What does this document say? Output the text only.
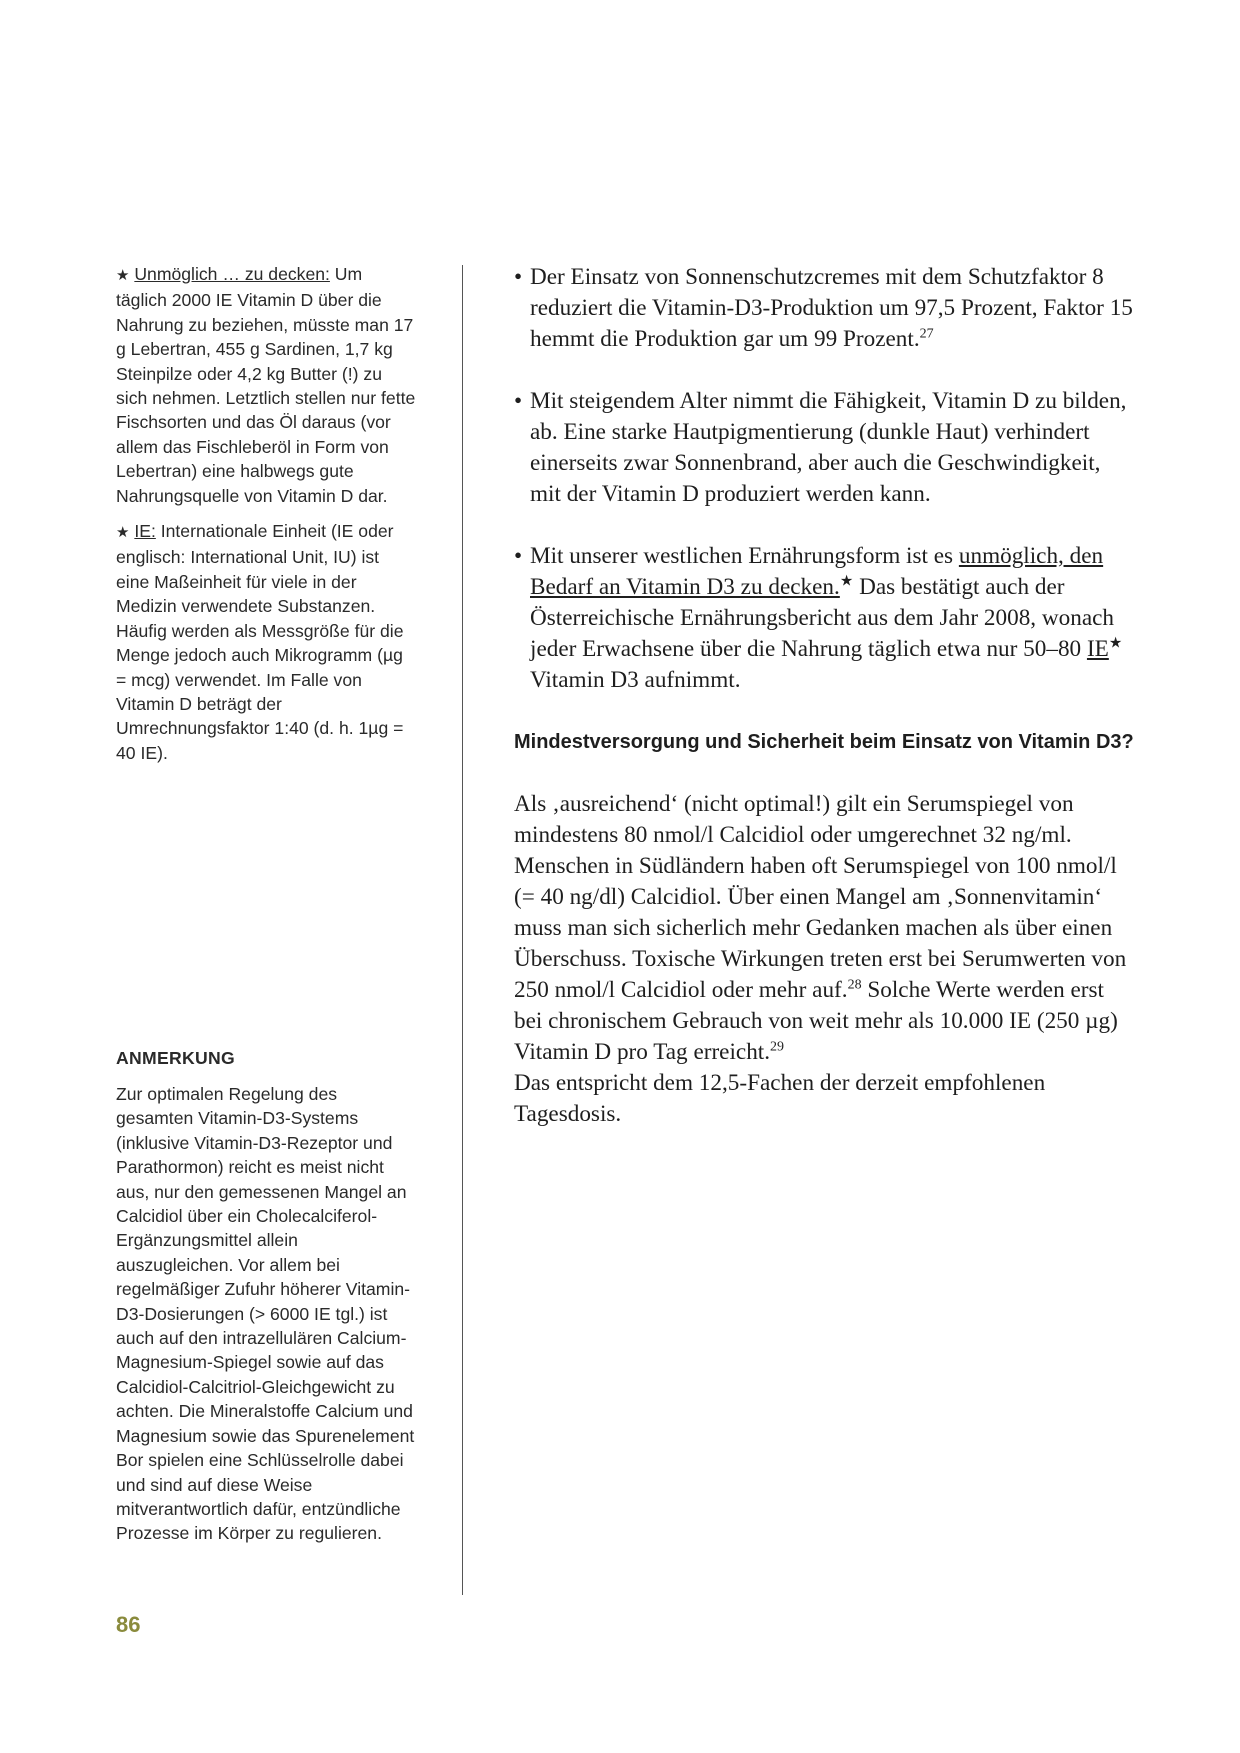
★ Unmöglich … zu decken: Um täglich 2000 IE Vitamin D über die Nahrung zu beziehen, müsste man 17 g Lebertran, 455 g Sardinen, 1,7 kg Steinpilze oder 4,2 kg Butter (!) zu sich nehmen. Letztlich stellen nur fette Fischsorten und das Öl daraus (vor allem das Fischleberöl in Form von Lebertran) eine halbwegs gute Nahrungsquelle von Vitamin D dar.

★ IE: Internationale Einheit (IE oder englisch: International Unit, IU) ist eine Maßeinheit für viele in der Medizin verwendete Substanzen. Häufig werden als Messgröße für die Menge jedoch auch Mikrogramm (µg = mcg) verwendet. Im Falle von Vitamin D beträgt der Umrechnungsfaktor 1:40 (d. h. 1µg = 40 IE).

ANMERKUNG

Zur optimalen Regelung des gesamten Vitamin-D3-Systems (inklusive Vitamin-D3-Rezeptor und Parathormon) reicht es meist nicht aus, nur den gemessenen Mangel an Calcidiol über ein Cholecalciferol-Ergänzungsmittel allein auszugleichen. Vor allem bei regelmäßiger Zufuhr höherer Vitamin-D3-Dosierungen (> 6000 IE tgl.) ist auch auf den intrazellulären Calcium-Magnesium-Spiegel sowie auf das Calcidiol-Calcitriol-Gleichgewicht zu achten. Die Mineralstoffe Calcium und Magnesium sowie das Spurenelement Bor spielen eine Schlüsselrolle dabei und sind auf diese Weise mitverantwortlich dafür, entzündliche Prozesse im Körper zu regulieren.

• Der Einsatz von Sonnenschutzcremes mit dem Schutzfaktor 8 reduziert die Vitamin-D3-Produktion um 97,5 Prozent, Faktor 15 hemmt die Produktion gar um 99 Prozent.$^{27}$

• Mit steigendem Alter nimmt die Fähigkeit, Vitamin D zu bilden, ab. Eine starke Hautpigmentierung (dunkle Haut) verhindert einerseits zwar Sonnenbrand, aber auch die Geschwindigkeit, mit der Vitamin D produziert werden kann.

• Mit unserer westlichen Ernährungsform ist es unmöglich, den Bedarf an Vitamin D3 zu decken.★ Das bestätigt auch der Österreichische Ernährungsbericht aus dem Jahr 2008, wonach jeder Erwachsene über die Nahrung täglich etwa nur 50–80 IE★ Vitamin D3 aufnimmt.

Mindestversorgung und Sicherheit beim Einsatz von Vitamin D3?

Als ‚ausreichend‘ (nicht optimal!) gilt ein Serumspiegel von mindestens 80 nmol/l Calcidiol oder umgerechnet 32 ng/ml. Menschen in Südländern haben oft Serumspiegel von 100 nmol/l (= 40 ng/dl) Calcidiol. Über einen Mangel am ‚Sonnenvitamin‘ muss man sich sicherlich mehr Gedanken machen als über einen Überschuss. Toxische Wirkungen treten erst bei Serumwerten von 250 nmol/l Calcidiol oder mehr auf.$^{28}$ Solche Werte werden erst bei chronischem Gebrauch von weit mehr als 10.000 IE (250 µg) Vitamin D pro Tag erreicht.$^{29}$
Das entspricht dem 12,5-Fachen der derzeit empfohlenen Tagesdosis.

86
